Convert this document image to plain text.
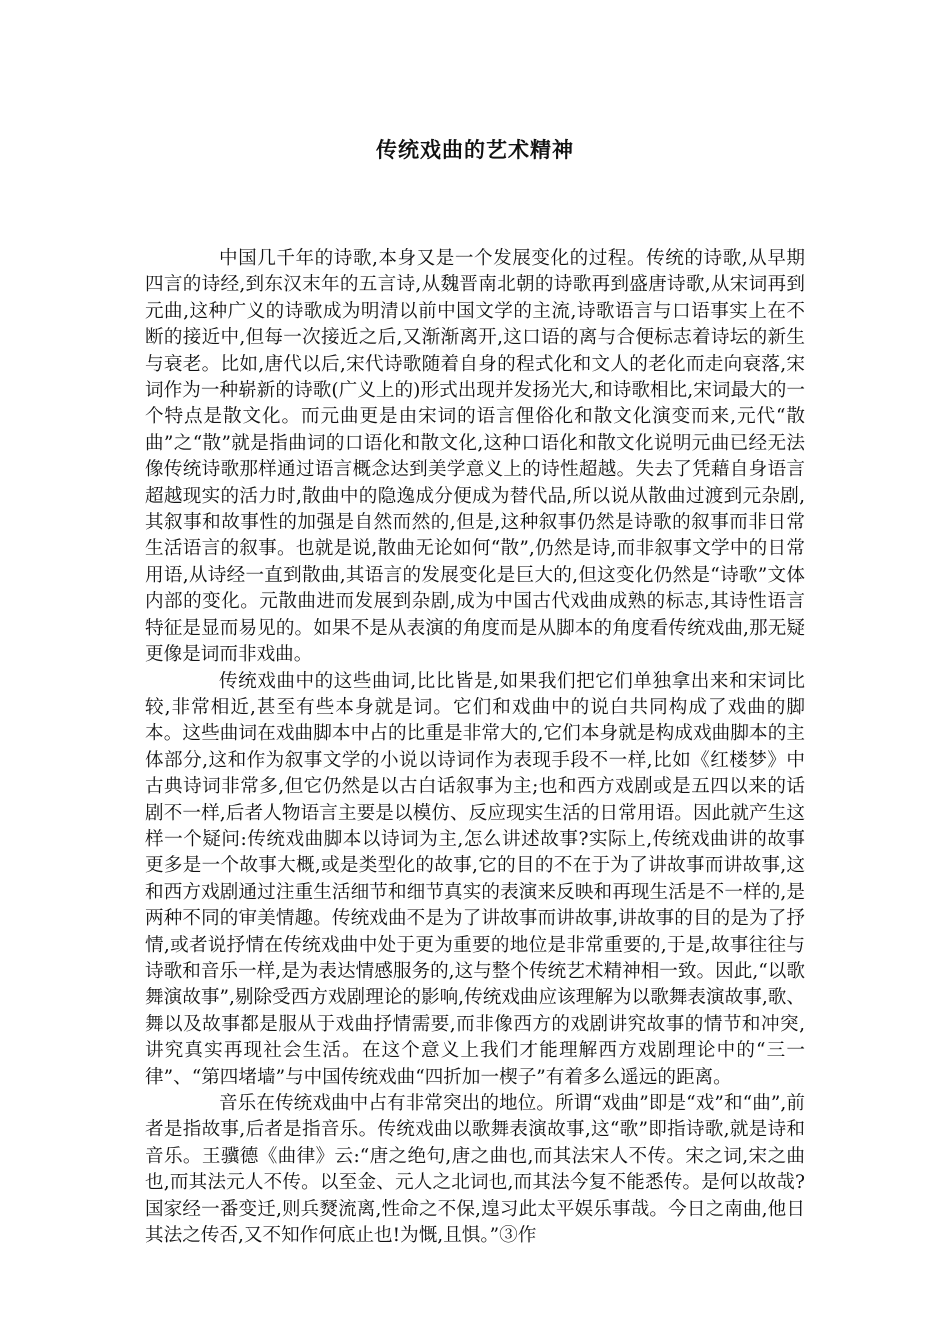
传统戏曲的艺术精神

中国几千年的诗歌,本身又是一个发展变化的过程。传统的诗歌,从早期四言的诗经,到东汉末年的五言诗,从魏晋南北朝的诗歌再到盛唐诗歌,从宋词再到元曲,这种广义的诗歌成为明清以前中国文学的主流,诗歌语言与口语事实上在不断的接近中,但每一次接近之后,又渐渐离开,这口语的离与合便标志着诗坛的新生与衰老。比如,唐代以后,宋代诗歌随着自身的程式化和文人的老化而走向衰落,宋词作为一种崭新的诗歌(广义上的)形式出现并发扬光大,和诗歌相比,宋词最大的一个特点是散文化。而元曲更是由宋词的语言俚俗化和散文化演变而来,元代“散曲”之“散”就是指曲词的口语化和散文化,这种口语化和散文化说明元曲已经无法像传统诗歌那样通过语言概念达到美学意义上的诗性超越。失去了凭藉自身语言超越现实的活力时,散曲中的隐逸成分便成为替代品,所以说从散曲过渡到元杂剧,其叙事和故事性的加强是自然而然的,但是,这种叙事仍然是诗歌的叙事而非日常生活语言的叙事。也就是说,散曲无论如何“散”,仍然是诗,而非叙事文学中的日常用语,从诗经一直到散曲,其语言的发展变化是巨大的,但这变化仍然是“诗歌”文体内部的变化。元散曲进而发展到杂剧,成为中国古代戏曲成熟的标志,其诗性语言特征是显而易见的。如果不是从表演的角度而是从脚本的角度看传统戏曲,那无疑更像是词而非戏曲。

传统戏曲中的这些曲词,比比皆是,如果我们把它们单独拿出来和宋词比较,非常相近,甚至有些本身就是词。它们和戏曲中的说白共同构成了戏曲的脚本。这些曲词在戏曲脚本中占的比重是非常大的,它们本身就是构成戏曲脚本的主体部分,这和作为叙事文学的小说以诗词作为表现手段不一样,比如《红楼梦》中古典诗词非常多,但它仍然是以古白话叙事为主;也和西方戏剧或是五四以来的话剧不一样,后者人物语言主要是以模仿、反应现实生活的日常用语。因此就产生这样一个疑问:传统戏曲脚本以诗词为主,怎么讲述故事?实际上,传统戏曲讲的故事更多是一个故事大概,或是类型化的故事,它的目的不在于为了讲故事而讲故事,这和西方戏剧通过注重生活细节和细节真实的表演来反映和再现生活是不一样的,是两种不同的审美情趣。传统戏曲不是为了讲故事而讲故事,讲故事的目的是为了抒情,或者说抒情在传统戏曲中处于更为重要的地位是非常重要的,于是,故事往往与诗歌和音乐一样,是为表达情感服务的,这与整个传统艺术精神相一致。因此,“以歌舞演故事”,剔除受西方戏剧理论的影响,传统戏曲应该理解为以歌舞表演故事,歌、舞以及故事都是服从于戏曲抒情需要,而非像西方的戏剧讲究故事的情节和冲突,讲究真实再现社会生活。在这个意义上我们才能理解西方戏剧理论中的“三一律”、“第四堵墙”与中国传统戏曲“四折加一楔子”有着多么遥远的距离。

音乐在传统戏曲中占有非常突出的地位。所谓“戏曲”即是“戏”和“曲”,前者是指故事,后者是指音乐。传统戏曲以歌舞表演故事,这“歌”即指诗歌,就是诗和音乐。王骥德《曲律》云:“唐之绝句,唐之曲也,而其法宋人不传。宋之词,宋之曲也,而其法元人不传。以至金、元人之北词也,而其法今复不能悉传。是何以故哉?国家经一番变迁,则兵燹流离,性命之不保,遑习此太平娱乐事哉。今日之南曲,他日其法之传否,又不知作何底止也!为慨,且惧。”③作
